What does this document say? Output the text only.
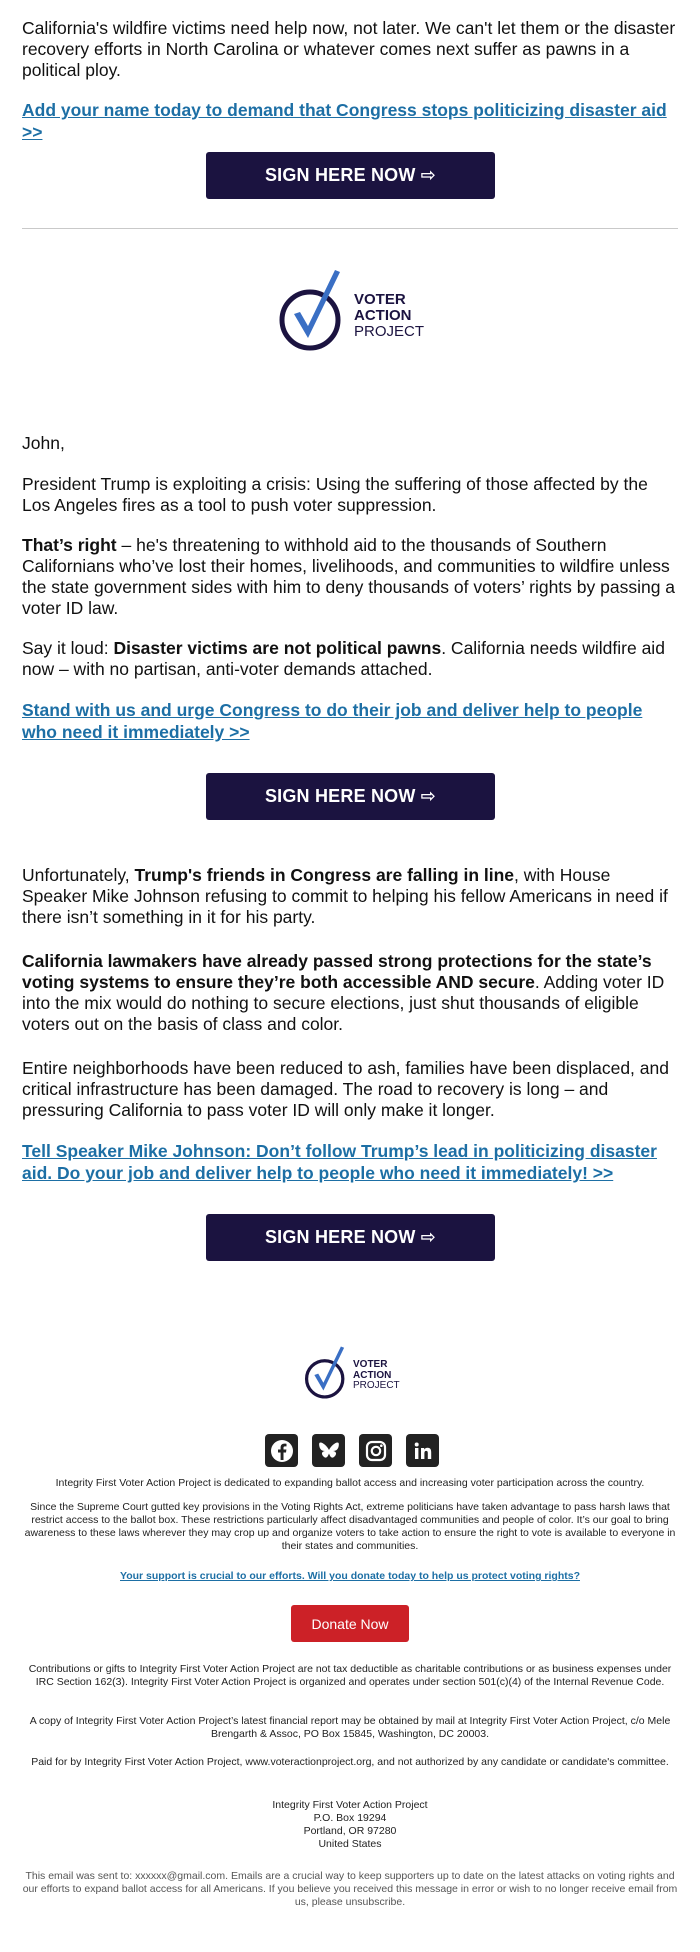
California's wildfire victims need help now, not later. We can't let them or the disaster recovery efforts in North Carolina or whatever comes next suffer as pawns in a political ploy.

Add your name today to demand that Congress stops politicizing disaster aid >>
SIGN HERE NOW ⇨
VOTER
ACTION
PROJECT

John,

President Trump is exploiting a crisis: Using the suffering of those affected by the Los Angeles fires as a tool to push voter suppression.

That’s right – he's threatening to withhold aid to the thousands of Southern Californians who’ve lost their homes, livelihoods, and communities to wildfire unless the state government sides with him to deny thousands of voters’ rights by passing a voter ID law.

Say it loud: Disaster victims are not political pawns. California needs wildfire aid now – with no partisan, anti-voter demands attached.

Stand with us and urge Congress to do their job and deliver help to people who need it immediately >>
SIGN HERE NOW ⇨

Unfortunately, Trump's friends in Congress are falling in line, with House Speaker Mike Johnson refusing to commit to helping his fellow Americans in need if there isn’t something in it for his party.

California lawmakers have already passed strong protections for the state’s voting systems to ensure they’re both accessible AND secure. Adding voter ID into the mix would do nothing to secure elections, just shut thousands of eligible voters out on the basis of class and color.

Entire neighborhoods have been reduced to ash, families have been displaced, and critical infrastructure has been damaged. The road to recovery is long – and pressuring California to pass voter ID will only make it longer.

Tell Speaker Mike Johnson: Don’t follow Trump’s lead in politicizing disaster aid. Do your job and deliver help to people who need it immediately! >>
SIGN HERE NOW ⇨
VOTER
ACTION
PROJECT

Integrity First Voter Action Project is dedicated to expanding ballot access and increasing voter participation across the country.

Since the Supreme Court gutted key provisions in the Voting Rights Act, extreme politicians have taken advantage to pass harsh laws that restrict access to the ballot box. These restrictions particularly affect disadvantaged communities and people of color. It’s our goal to bring awareness to these laws wherever they may crop up and organize voters to take action to ensure the right to vote is available to everyone in their states and communities.

Your support is crucial to our efforts. Will you donate today to help us protect voting rights?

Donate Now

Contributions or gifts to Integrity First Voter Action Project are not tax deductible as charitable contributions or as business expenses under IRC Section 162(3). Integrity First Voter Action Project is organized and operates under section 501(c)(4) of the Internal Revenue Code.

A copy of Integrity First Voter Action Project’s latest financial report may be obtained by mail at Integrity First Voter Action Project, c/o Mele Brengarth & Assoc, PO Box 15845, Washington, DC 20003.

Paid for by Integrity First Voter Action Project, www.voteractionproject.org, and not authorized by any candidate or candidate's committee.

Integrity First Voter Action Project
P.O. Box 19294
Portland, OR 97280
United States

This email was sent to: xxxxxx@gmail.com. Emails are a crucial way to keep supporters up to date on the latest attacks on voting rights and our efforts to expand ballot access for all Americans. If you believe you received this message in error or wish to no longer receive email from us, please unsubscribe.
